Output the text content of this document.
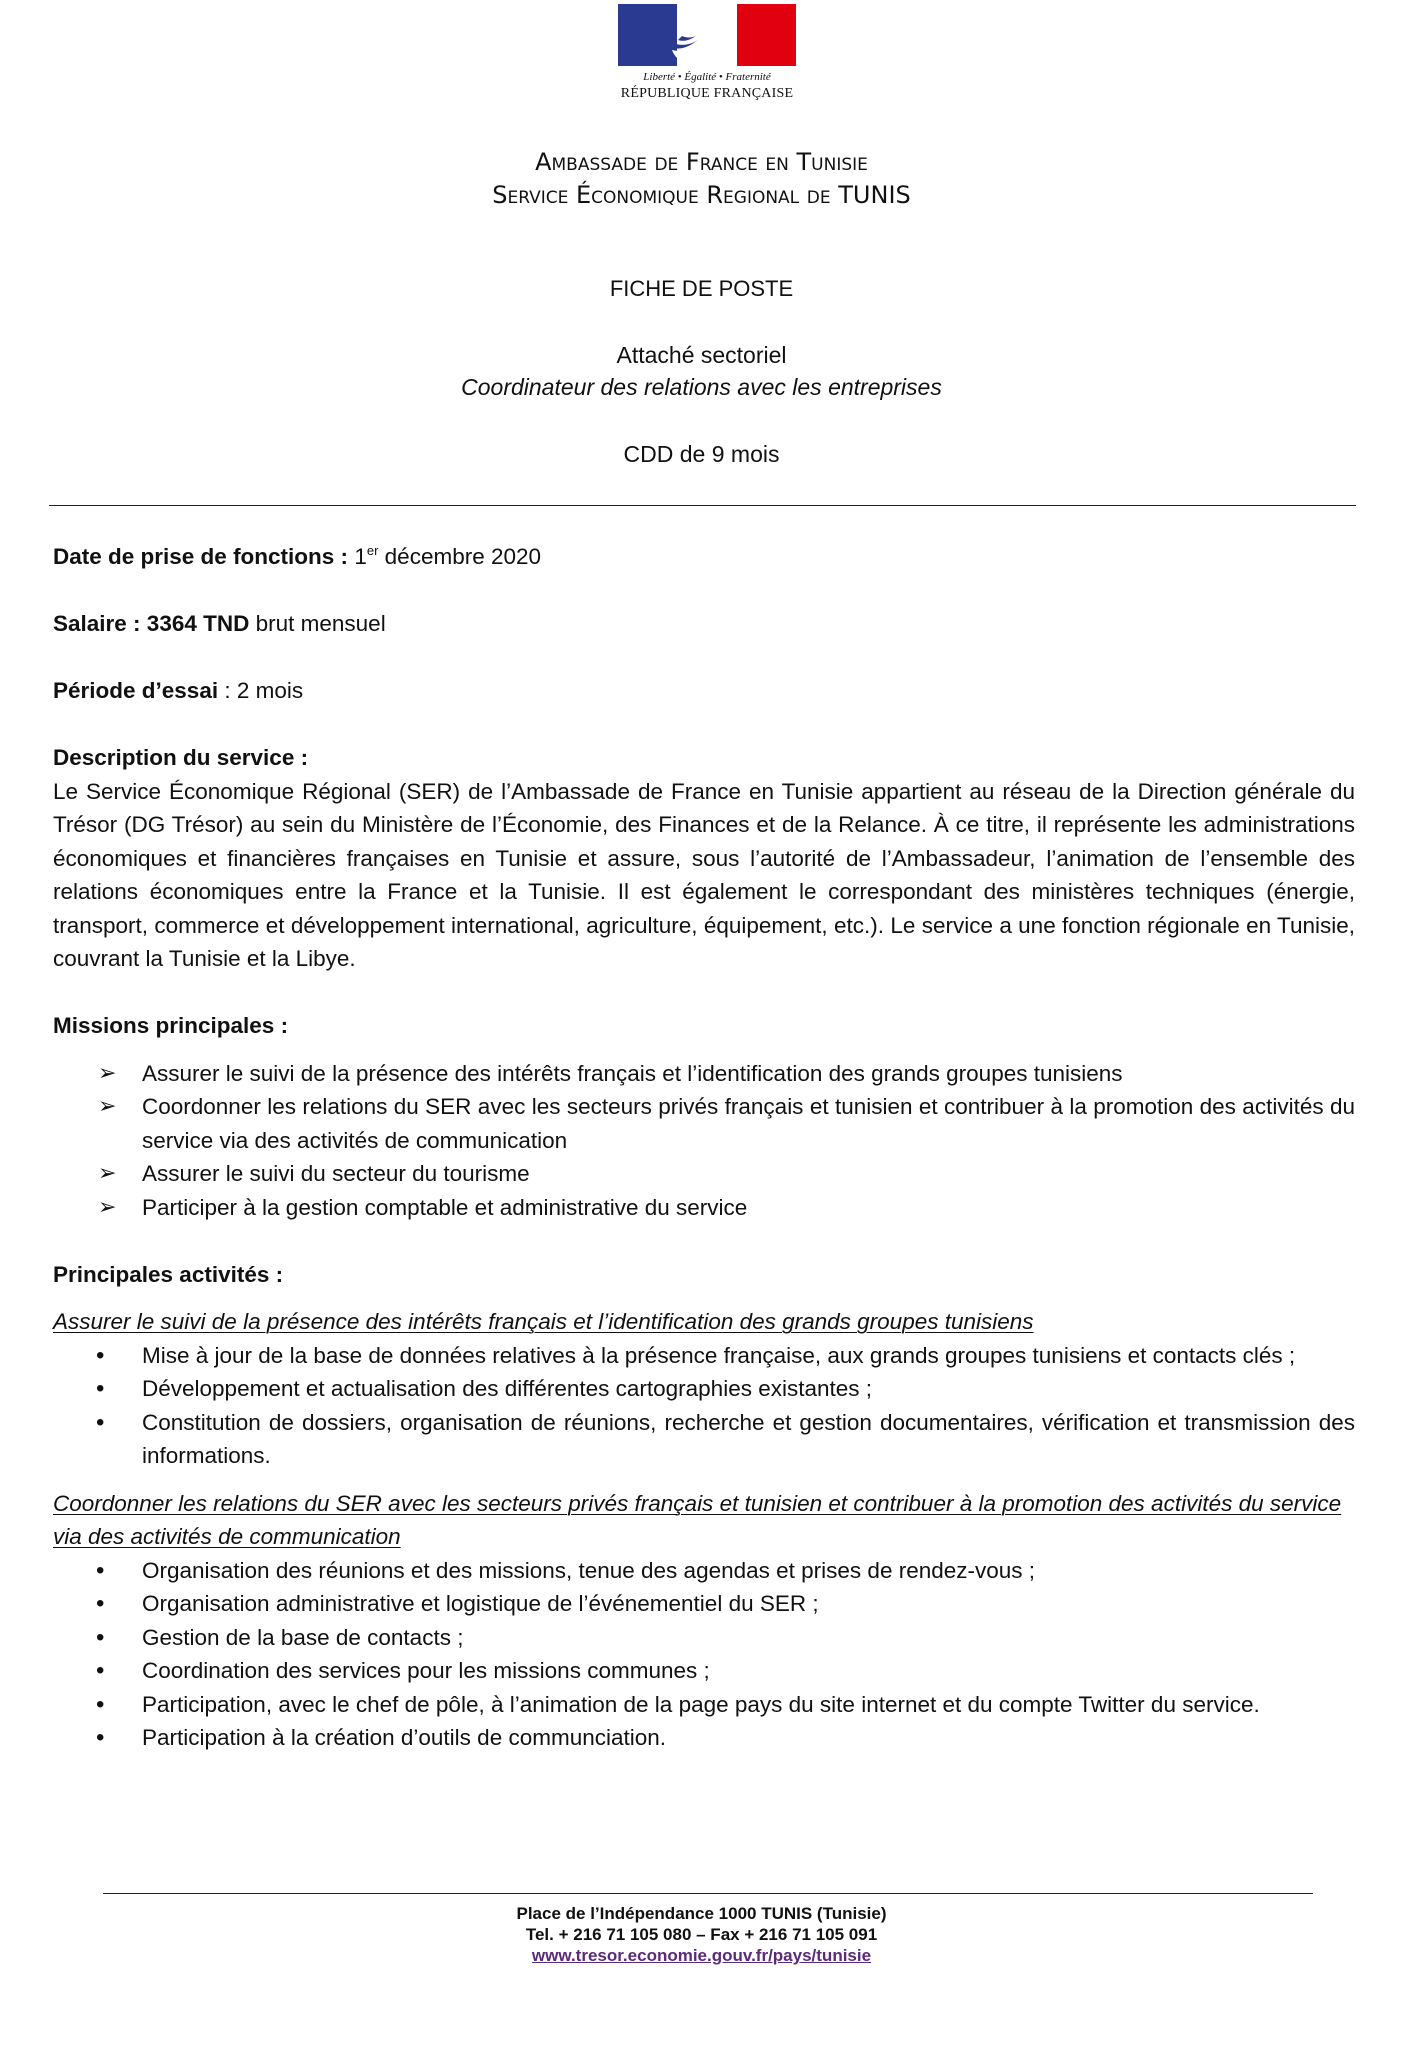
Liberté • Égalité • Fraternité
RÉPUBLIQUE FRANÇAISE
Ambassade de France en Tunisie
Service Économique Regional de TUNIS
FICHE DE POSTE
Attaché sectoriel
Coordinateur des relations avec les entreprises
CDD de 9 mois

Date de prise de fonctions : 1er décembre 2020

Salaire : 3364 TND brut mensuel

Période d’essai : 2 mois

Description du service :

Le Service Économique Régional (SER) de l’Ambassade de France en Tunisie appartient au réseau de la Direction générale du Trésor (DG Trésor) au sein du Ministère de l’Économie, des Finances et de la Relance. À ce titre, il représente les administrations économiques et financières françaises en Tunisie et assure, sous l’autorité de l’Ambassadeur, l’animation de l’ensemble des relations économiques entre la France et la Tunisie. Il est également le correspondant des ministères techniques (énergie, transport, commerce et développement international, agriculture, équipement, etc.). Le service a une fonction régionale en Tunisie, couvrant la Tunisie et la Libye.

Missions principales :

➢ Assurer le suivi de la présence des intérêts français et l’identification des grands groupes tunisiens
➢ Coordonner les relations du SER avec les secteurs privés français et tunisien et contribuer à la promotion des activités du service via des activités de communication
➢ Assurer le suivi du secteur du tourisme
➢ Participer à la gestion comptable et administrative du service

Principales activités :

Assurer le suivi de la présence des intérêts français et l’identification des grands groupes tunisiens

• Mise à jour de la base de données relatives à la présence française, aux grands groupes tunisiens et contacts clés ;
• Développement et actualisation des différentes cartographies existantes ;
• Constitution de dossiers, organisation de réunions, recherche et gestion documentaires, vérification et transmission des informations.

Coordonner les relations du SER avec les secteurs privés français et tunisien et contribuer à la promotion des activités du service via des activités de communication

• Organisation des réunions et des missions, tenue des agendas et prises de rendez-vous ;
• Organisation administrative et logistique de l’événementiel du SER ;
• Gestion de la base de contacts ;
• Coordination des services pour les missions communes ;
• Participation, avec le chef de pôle, à l’animation de la page pays du site internet et du compte Twitter du service.
• Participation à la création d’outils de communciation.
Place de l’Indépendance 1000 TUNIS (Tunisie)
Tel. + 216 71 105 080 – Fax + 216 71 105 091
www.tresor.economie.gouv.fr/pays/tunisie
